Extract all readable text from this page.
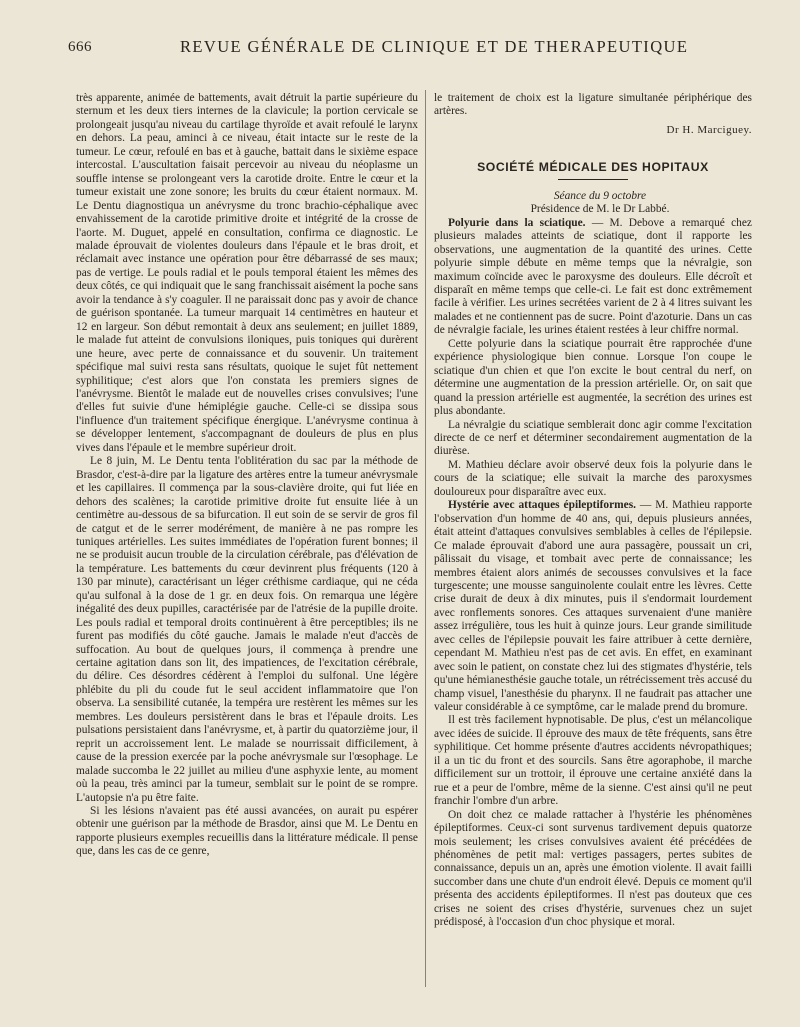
666	REVUE GÉNÉRALE DE CLINIQUE ET DE THERAPEUTIQUE

très apparente, animée de battements, avait détruit la partie supérieure du sternum et les deux tiers internes de la clavicule; la portion cervicale se prolongeait jusqu'au niveau du cartilage thyroïde et avait refoulé le larynx en dehors. La peau, aminci à ce niveau, était intacte sur le reste de la tumeur. Le cœur, refoulé en bas et à gauche, battait dans le sixième espace intercostal. L'auscultation faisait percevoir au niveau du néoplasme un souffle intense se prolongeant vers la carotide droite. Entre le cœur et la tumeur existait une zone sonore; les bruits du cœur étaient normaux. M. Le Dentu diagnostiqua un anévrysme du tronc brachio-céphalique avec envahissement de la carotide primitive droite et intégrité de la crosse de l'aorte. M. Duguet, appelé en consultation, confirma ce diagnostic. Le malade éprouvait de violentes douleurs dans l'épaule et le bras droit, et réclamait avec instance une opération pour être débarrassé de ses maux; pas de vertige. Le pouls radial et le pouls temporal étaient les mêmes des deux côtés, ce qui indiquait que le sang franchissait aisément la poche sans avoir la tendance à s'y coaguler. Il ne paraissait donc pas y avoir de chance de guérison spontanée. La tumeur marquait 14 centimètres en hauteur et 12 en largeur. Son début remontait à deux ans seulement; en juillet 1889, le malade fut atteint de convulsions iloniques, puis toniques qui durèrent une heure, avec perte de connaissance et du souvenir. Un traitement spécifique mal suivi resta sans résultats, quoique le sujet fût nettement syphilitique; c'est alors que l'on constata les premiers signes de l'anévrysme. Bientôt le malade eut de nouvelles crises convulsives; l'une d'elles fut suivie d'une hémiplégie gauche. Celle-ci se dissipa sous l'influence d'un traitement spécifique énergique. L'anévrysme continua à se développer lentement, s'accompagnant de douleurs de plus en plus vives dans l'épaule et le membre supérieur droit.

Le 8 juin, M. Le Dentu tenta l'oblitération du sac par la méthode de Brasdor, c'est-à-dire par la ligature des artères entre la tumeur anévrysmale et les capillaires. Il commença par la sous-clavière droite, qui fut liée en dehors des scalènes; la carotide primitive droite fut ensuite liée à un centimètre au-dessous de sa bifurcation. Il eut soin de se servir de gros fil de catgut et de le serrer modérément, de manière à ne pas rompre les tuniques artérielles. Les suites immédiates de l'opération furent bonnes; il ne se produisit aucun trouble de la circulation cérébrale, pas d'élévation de la température. Les battements du cœur devinrent plus fréquents (120 à 130 par minute), caractérisant un léger créthisme cardiaque, qui ne céda qu'au sulfonal à la dose de 1 gr. en deux fois. On remarqua une légère inégalité des deux pupilles, caractérisée par de l'atrésie de la pupille droite. Les pouls radial et temporal droits continuèrent à être perceptibles; ils ne furent pas modifiés du côté gauche. Jamais le malade n'eut d'accès de suffocation. Au bout de quelques jours, il commença à prendre une certaine agitation dans son lit, des impatiences, de l'excitation cérébrale, du délire. Ces désordres cédèrent à l'emploi du sulfonal. Une légère phlébite du pli du coude fut le seul accident inflammatoire que l'on observa. La sensibilité cutanée, la tempéra ure restèrent les mêmes sur les membres. Les douleurs persistèrent dans le bras et l'épaule droits. Les pulsations persistaient dans l'anévrysme, et, à partir du quatorzième jour, il reprit un accroissement lent. Le malade se nourrissait difficilement, à cause de la pression exercée par la poche anévrysmale sur l'œsophage. Le malade succomba le 22 juillet au milieu d'une asphyxie lente, au moment où la peau, très aminci par la tumeur, semblait sur le point de se rompre. L'autopsie n'a pu être faite.

Si les lésions n'avaient pas été aussi avancées, on aurait pu espérer obtenir une guérison par la méthode de Brasdor, ainsi que M. Le Dentu en rapporte plusieurs exemples recueillis dans la littérature médicale. Il pense que, dans les cas de ce genre,

le traitement de choix est la ligature simultanée périphérique des artères.

Dr H. Marciguey.
SOCIÉTÉ MÉDICALE DES HOPITAUX

Séance du 9 octobre

Présidence de M. le Dr Labbé.

Polyurie dans la sciatique. — M. Debove a remarqué chez plusieurs malades atteints de sciatique, dont il rapporte les observations, une augmentation de la quantité des urines. Cette polyurie simple débute en même temps que la névralgie, son maximum coïncide avec le paroxysme des douleurs. Elle décroît et disparaît en même temps que celle-ci. Le fait est donc extrêmement facile à vérifier. Les urines secrétées varient de 2 à 4 litres suivant les malades et ne contiennent pas de sucre. Point d'azoturie. Dans un cas de névralgie faciale, les urines étaient restées à leur chiffre normal.

Cette polyurie dans la sciatique pourrait être rapprochée d'une expérience physiologique bien connue. Lorsque l'on coupe le sciatique d'un chien et que l'on excite le bout central du nerf, on détermine une augmentation de la pression artérielle. Or, on sait que quand la pression artérielle est augmentée, la secrétion des urines est plus abondante.

La névralgie du sciatique semblerait donc agir comme l'excitation directe de ce nerf et déterminer secondairement augmentation de la diurèse.

M. Mathieu déclare avoir observé deux fois la polyurie dans le cours de la sciatique; elle suivait la marche des paroxysmes douloureux pour disparaître avec eux.

Hystérie avec attaques épileptiformes. — M. Mathieu rapporte l'observation d'un homme de 40 ans, qui, depuis plusieurs années, était atteint d'attaques convulsives semblables à celles de l'épilepsie. Ce malade éprouvait d'abord une aura passagère, poussait un cri, pâlissait du visage, et tombait avec perte de connaissance; les membres étaient alors animés de secousses convulsives et la face turgescente; une mousse sanguinolente coulait entre les lèvres. Cette crise durait de deux à dix minutes, puis il s'endormait lourdement avec ronflements sonores. Ces attaques survenaient d'une manière assez irrégulière, tous les huit à quinze jours. Leur grande similitude avec celles de l'épilepsie pouvait les faire attribuer à cette dernière, cependant M. Mathieu n'est pas de cet avis. En effet, en examinant avec soin le patient, on constate chez lui des stigmates d'hystérie, tels qu'une hémianesthésie gauche totale, un rétrécissement très accusé du champ visuel, l'anesthésie du pharynx. Il ne faudrait pas attacher une valeur considérable à ce symptôme, car le malade prend du bromure.

Il est très facilement hypnotisable. De plus, c'est un mélancolique avec idées de suicide. Il éprouve des maux de tête fréquents, sans être syphilitique. Cet homme présente d'autres accidents névropathiques; il a un tic du front et des sourcils. Sans être agoraphobe, il marche difficilement sur un trottoir, il éprouve une certaine anxiété dans la rue et a peur de l'ombre, même de la sienne. C'est ainsi qu'il ne peut franchir l'ombre d'un arbre.

On doit chez ce malade rattacher à l'hystérie les phénomènes épileptiformes. Ceux-ci sont survenus tardivement depuis quatorze mois seulement; les crises convulsives avaient été précédées de phénomènes de petit mal: vertiges passagers, pertes subites de connaissance, depuis un an, après une émotion violente. Il avait failli succomber dans une chute d'un endroit élevé. Depuis ce moment qu'il présenta des accidents épileptiformes. Il n'est pas douteux que ces crises ne soient des crises d'hystérie, survenues chez un sujet prédisposé, à l'occasion d'un choc physique et moral.
